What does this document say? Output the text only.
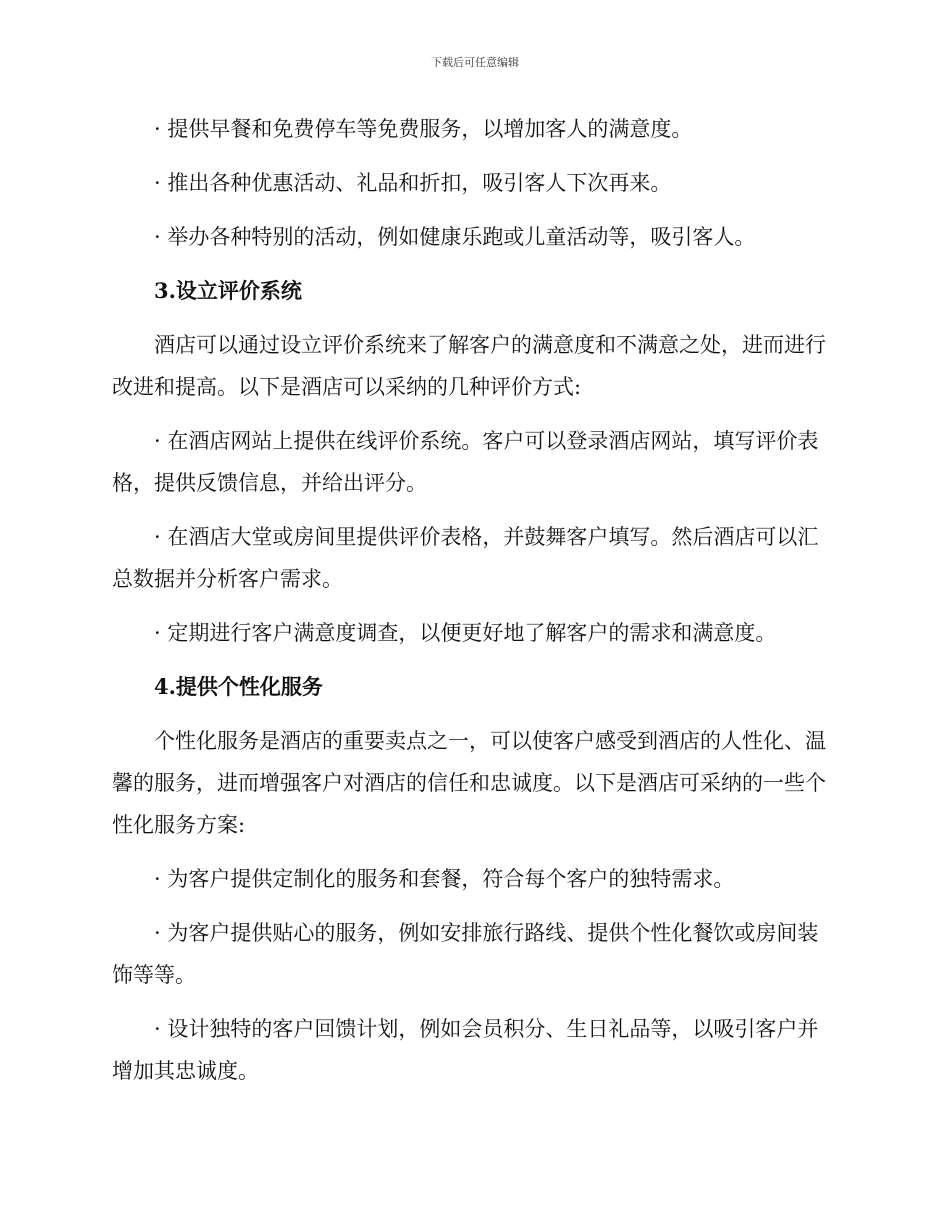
下载后可任意编辑

· 提供早餐和免费停车等免费服务，以增加客人的满意度。

· 推出各种优惠活动、礼品和折扣，吸引客人下次再来。

· 举办各种特别的活动，例如健康乐跑或儿童活动等，吸引客人。

3.设立评价系统

酒店可以通过设立评价系统来了解客户的满意度和不满意之处，进而进行改进和提高。以下是酒店可以采纳的几种评价方式:

· 在酒店网站上提供在线评价系统。客户可以登录酒店网站，填写评价表格，提供反馈信息，并给出评分。

· 在酒店大堂或房间里提供评价表格，并鼓舞客户填写。然后酒店可以汇总数据并分析客户需求。

· 定期进行客户满意度调查，以便更好地了解客户的需求和满意度。

4.提供个性化服务

个性化服务是酒店的重要卖点之一，可以使客户感受到酒店的人性化、温馨的服务，进而增强客户对酒店的信任和忠诚度。以下是酒店可采纳的一些个性化服务方案:

· 为客户提供定制化的服务和套餐，符合每个客户的独特需求。

· 为客户提供贴心的服务，例如安排旅行路线、提供个性化餐饮或房间装饰等等。

· 设计独特的客户回馈计划，例如会员积分、生日礼品等，以吸引客户并增加其忠诚度。
